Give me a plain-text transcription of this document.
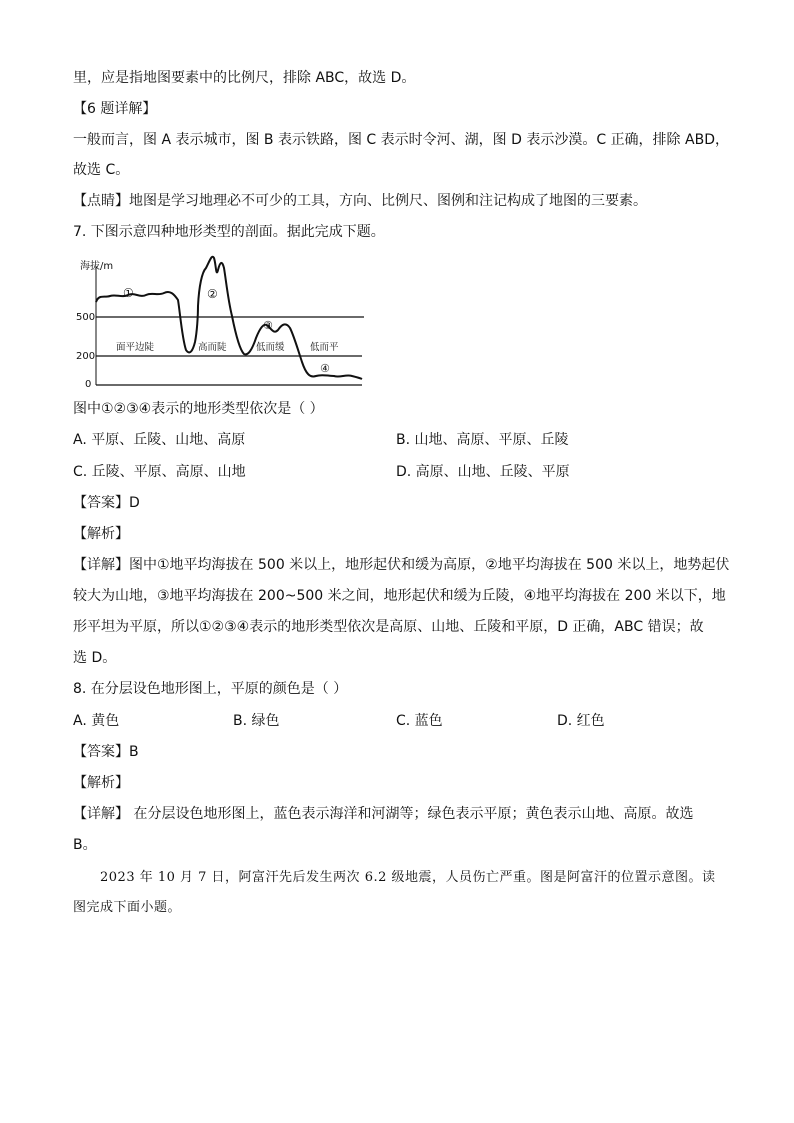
里，应是指地图要素中的比例尺，排除 ABC，故选 D。
【6 题详解】
一般而言，图 A 表示城市，图 B 表示铁路，图 C 表示时令河、湖，图 D 表示沙漠。C 正确，排除 ABD，
故选 C。
【点睛】地图是学习地理必不可少的工具，方向、比例尺、图例和注记构成了地图的三要素。
7. 下图示意四种地形类型的剖面。据此完成下题。
海拔/m
500
200
0
①	②
③
④
面平边陡	高而陡	低而缓	低而平
图中①②③④表示的地形类型依次是（ ）
A. 平原、丘陵、山地、高原	B. 山地、高原、平原、丘陵
C. 丘陵、平原、高原、山地	D. 高原、山地、丘陵、平原
【答案】D
【解析】
【详解】图中①地平均海拔在 500 米以上，地形起伏和缓为高原，②地平均海拔在 500 米以上，地势起伏
较大为山地，③地平均海拔在 200~500 米之间，地形起伏和缓为丘陵，④地平均海拔在 200 米以下，地
形平坦为平原，所以①②③④表示的地形类型依次是高原、山地、丘陵和平原，D 正确，ABC 错误；故
选 D。
8. 在分层设色地形图上，平原的颜色是（ ）
A. 黄色	B. 绿色	C. 蓝色	D. 红色
【答案】B
【解析】
【详解】 在分层设色地形图上，蓝色表示海洋和河湖等；绿色表示平原；黄色表示山地、高原。故选
B。
2023 年 10 月 7 日，阿富汗先后发生两次 6.2 级地震，人员伤亡严重。图是阿富汗的位置示意图。读
图完成下面小题。
